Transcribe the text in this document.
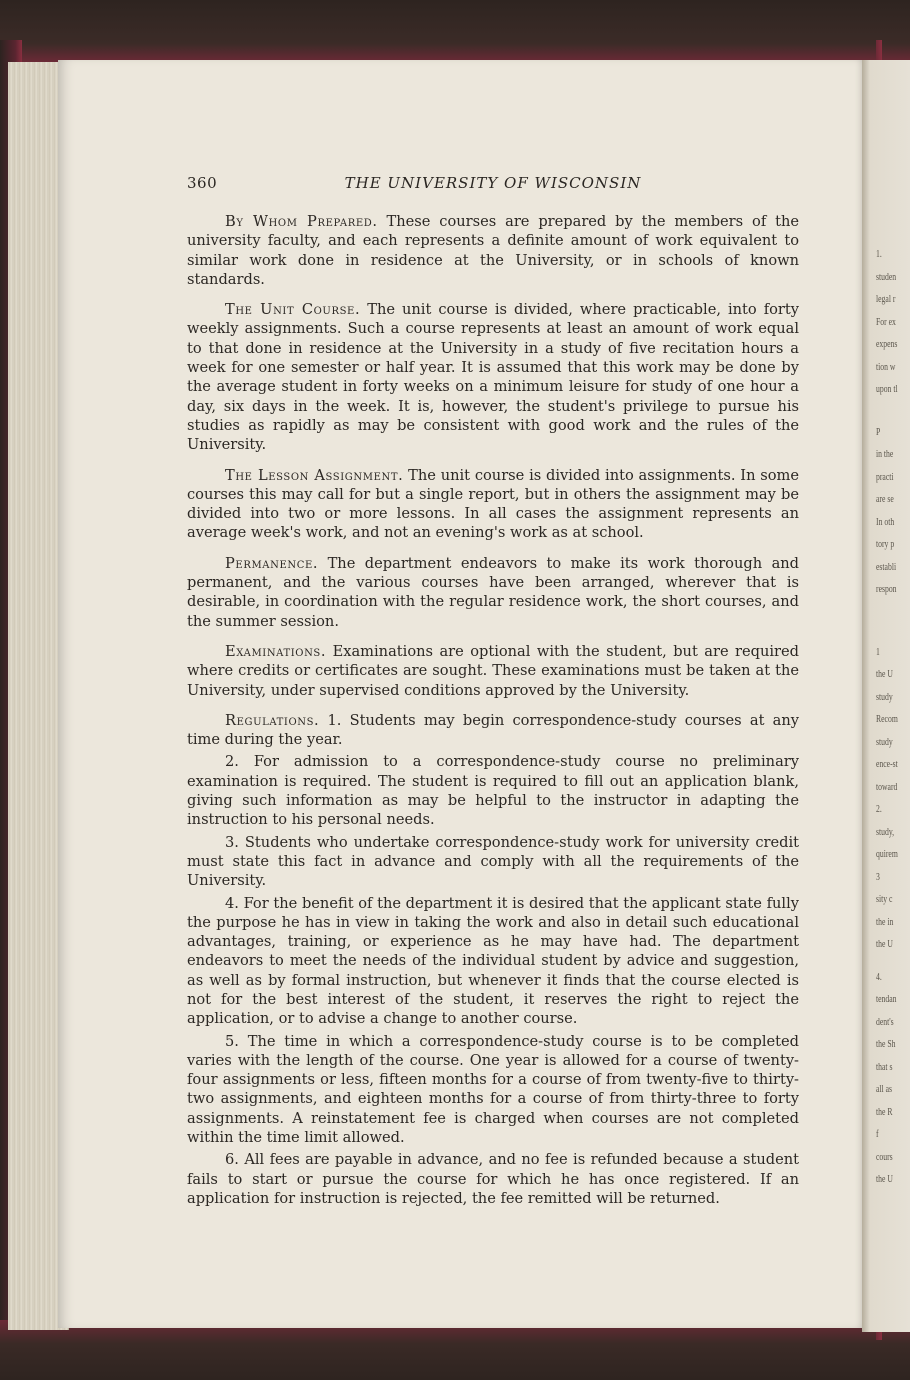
1.
studen
legal r
For ex
expens
tion w
upon tl
P
in the
practi
are se
In oth
tory p
establi
respon
1
the U
study
Recom
study
ence-st
toward
2.
study,
quirem
3
sity c
the in
the U
4.
tendan
dent's
the Sh
that s
all as
the R
f
cours
the U
360	THE UNIVERSITY OF WISCONSIN

By Whom Prepared. These courses are prepared by the members of the university faculty, and each represents a definite amount of work equivalent to similar work done in residence at the University, or in schools of known standards.

The Unit Course. The unit course is divided, where practicable, into forty weekly assignments. Such a course represents at least an amount of work equal to that done in residence at the University in a study of five recitation hours a week for one semester or half year. It is assumed that this work may be done by the average student in forty weeks on a minimum leisure for study of one hour a day, six days in the week. It is, however, the student's privilege to pursue his studies as rapidly as may be consistent with good work and the rules of the University.

The Lesson Assignment. The unit course is divided into assignments. In some courses this may call for but a single report, but in others the assignment may be divided into two or more lessons. In all cases the assignment represents an average week's work, and not an evening's work as at school.

Permanence. The department endeavors to make its work thorough and permanent, and the various courses have been arranged, wherever that is desirable, in coordination with the regular residence work, the short courses, and the summer session.

Examinations. Examinations are optional with the student, but are required where credits or certificates are sought. These examinations must be taken at the University, under supervised conditions approved by the University.

Regulations. 1. Students may begin correspondence-study courses at any time during the year.

2. For admission to a correspondence-study course no preliminary examination is required. The student is required to fill out an application blank, giving such information as may be helpful to the instructor in adapting the instruction to his personal needs.

3. Students who undertake correspondence-study work for university credit must state this fact in advance and comply with all the requirements of the University.

4. For the benefit of the department it is desired that the applicant state fully the purpose he has in view in taking the work and also in detail such educational advantages, training, or experience as he may have had. The department endeavors to meet the needs of the individual student by advice and suggestion, as well as by formal instruction, but whenever it finds that the course elected is not for the best interest of the student, it reserves the right to reject the application, or to advise a change to another course.

5. The time in which a correspondence-study course is to be completed varies with the length of the course. One year is allowed for a course of twenty-four assignments or less, fifteen months for a course of from twenty-five to thirty-two assignments, and eighteen months for a course of from thirty-three to forty assignments. A reinstatement fee is charged when courses are not completed within the time limit allowed.

6. All fees are payable in advance, and no fee is refunded because a student fails to start or pursue the course for which he has once registered. If an application for instruction is rejected, the fee remitted will be returned.
